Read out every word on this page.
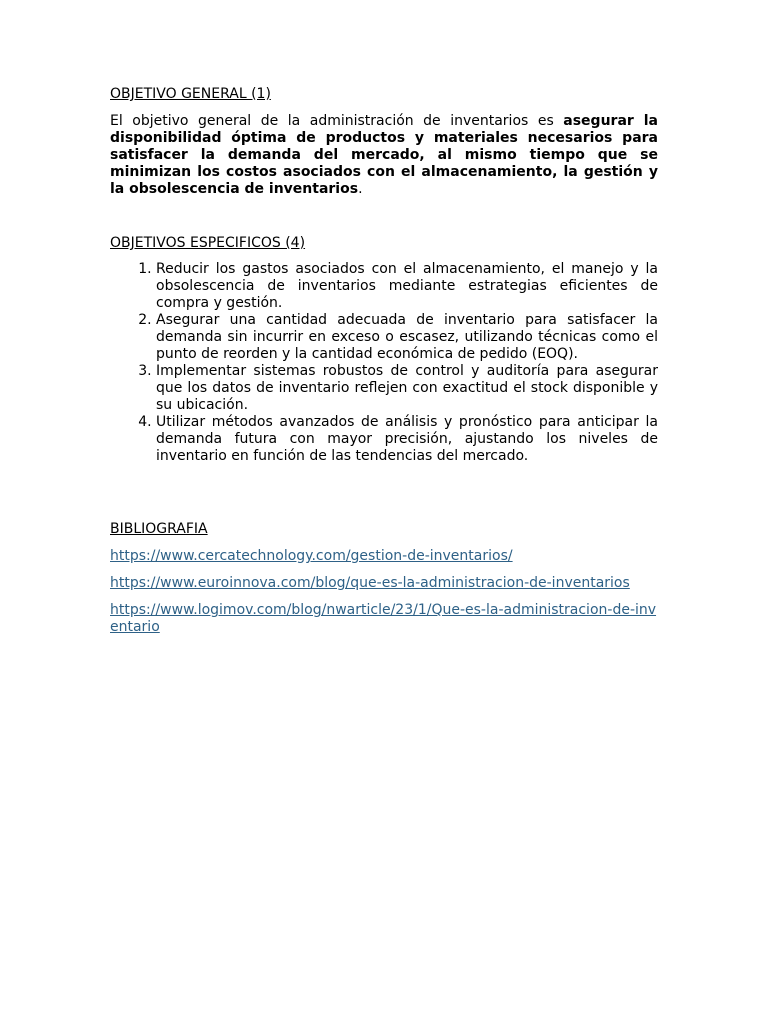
OBJETIVO GENERAL (1)

El objetivo general de la administración de inventarios es asegurar la disponibilidad óptima de productos y materiales necesarios para satisfacer la demanda del mercado, al mismo tiempo que se minimizan los costos asociados con el almacenamiento, la gestión y la obsolescencia de inventarios.

OBJETIVOS ESPECIFICOS (4)

1. Reducir los gastos asociados con el almacenamiento, el manejo y la obsolescencia de inventarios mediante estrategias eficientes de compra y gestión.
2. Asegurar una cantidad adecuada de inventario para satisfacer la demanda sin incurrir en exceso o escasez, utilizando técnicas como el punto de reorden y la cantidad económica de pedido (EOQ).
3. Implementar sistemas robustos de control y auditoría para asegurar que los datos de inventario reflejen con exactitud el stock disponible y su ubicación.
4. Utilizar métodos avanzados de análisis y pronóstico para anticipar la demanda futura con mayor precisión, ajustando los niveles de inventario en función de las tendencias del mercado.

BIBLIOGRAFIA

https://www.cercatechnology.com/gestion-de-inventarios/
https://www.euroinnova.com/blog/que-es-la-administracion-de-inventarios
https://www.logimov.com/blog/nwarticle/23/1/Que-es-la-administracion-de-inventario
